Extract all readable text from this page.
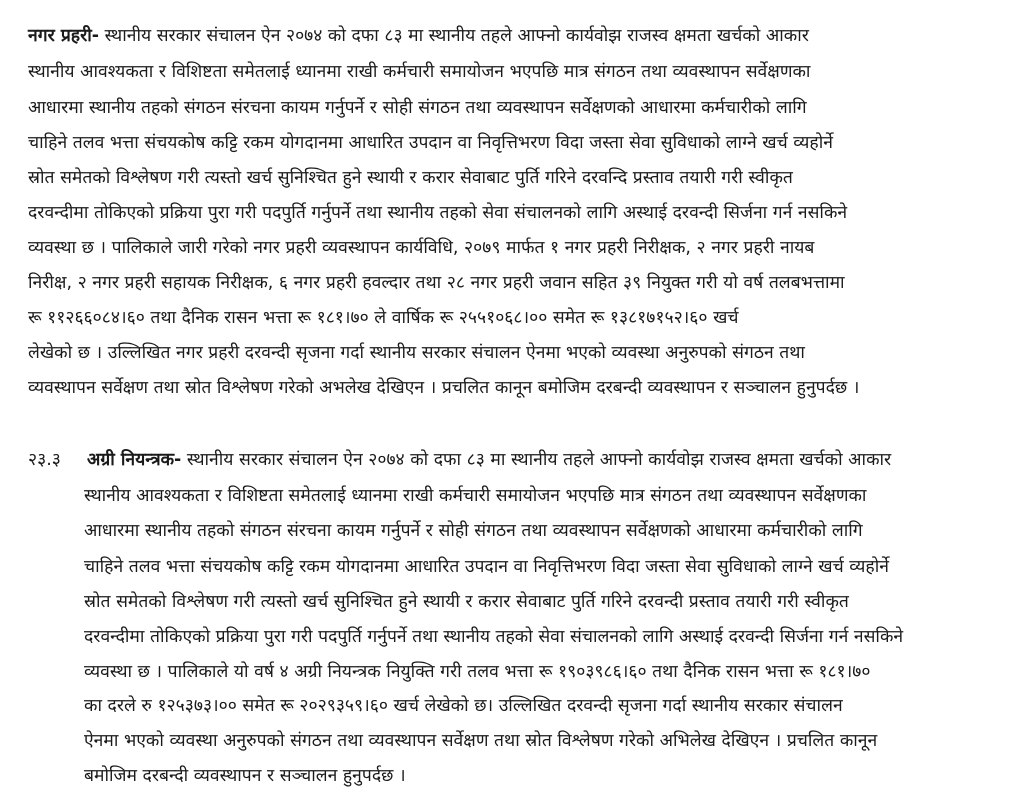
नगर प्रहरी- स्थानीय सरकार संचालन ऐन २०७४ को दफा ८३ मा स्थानीय तहले आफ्नो कार्यवोझ राजस्व क्षमता खर्चको आकार
स्थानीय आवश्यकता र विशिष्टता समेतलाई ध्यानमा राखी कर्मचारी समायोजन भएपछि मात्र संगठन तथा व्यवस्थापन सर्वेक्षणका
आधारमा स्थानीय तहको संगठन संरचना कायम गर्नुपर्ने र सोही संगठन तथा व्यवस्थापन सर्वेक्षणको आधारमा कर्मचारीको लागि
चाहिने तलव भत्ता संचयकोष कट्टि रकम योगदानमा आधारित उपदान वा निवृत्तिभरण विदा जस्ता सेवा सुविधाको लाग्ने खर्च व्यहोर्ने
स्रोत समेतको विश्लेषण गरी त्यस्तो खर्च सुनिश्चित हुने स्थायी र करार सेवाबाट पुर्ति गरिने दरवन्दि प्रस्ताव तयारी गरी स्वीकृत
दरवन्दीमा तोकिएको प्रक्रिया पुरा गरी पदपुर्ति गर्नुपर्ने तथा स्थानीय तहको सेवा संचालनको लागि अस्थाई दरवन्दी सिर्जना गर्न नसकिने
व्यवस्था छ । पालिकाले जारी गरेको नगर प्रहरी व्यवस्थापन कार्यविधि, २०७९ मार्फत १ नगर प्रहरी निरीक्षक, २ नगर प्रहरी नायब
निरीक्ष, २ नगर प्रहरी सहायक निरीक्षक, ६ नगर प्रहरी हवल्दार तथा २८ नगर प्रहरी जवान सहित ३९ नियुक्त गरी यो वर्ष तलबभत्तामा
रू ११२६६०८४।६० तथा दैनिक रासन भत्ता रू १८१।७० ले वार्षिक रू २५५१०६८।०० समेत रू १३८१७१५२।६० खर्च
लेखेको छ । उल्लिखित नगर प्रहरी दरवन्दी सृजना गर्दा स्थानीय सरकार संचालन ऐनमा भएको व्यवस्था अनुरुपको संगठन तथा
व्यवस्थापन सर्वेक्षण तथा स्रोत विश्लेषण गरेको अभलेख देखिएन । प्रचलित कानून बमोजिम दरबन्दी व्यवस्थापन र सञ्चालन हुनुपर्दछ ।
२३.३ अग्री नियन्त्रक- स्थानीय सरकार संचालन ऐन २०७४ को दफा ८३ मा स्थानीय तहले आफ्नो कार्यवोझ राजस्व क्षमता खर्चको आकार
स्थानीय आवश्यकता र विशिष्टता समेतलाई ध्यानमा राखी कर्मचारी समायोजन भएपछि मात्र संगठन तथा व्यवस्थापन सर्वेक्षणका
आधारमा स्थानीय तहको संगठन संरचना कायम गर्नुपर्ने र सोही संगठन तथा व्यवस्थापन सर्वेक्षणको आधारमा कर्मचारीको लागि
चाहिने तलव भत्ता संचयकोष कट्टि रकम योगदानमा आधारित उपदान वा निवृत्तिभरण विदा जस्ता सेवा सुविधाको लाग्ने खर्च व्यहोर्ने
स्रोत समेतको विश्लेषण गरी त्यस्तो खर्च सुनिश्चित हुने स्थायी र करार सेवाबाट पुर्ति गरिने दरवन्दी प्रस्ताव तयारी गरी स्वीकृत
दरवन्दीमा तोकिएको प्रक्रिया पुरा गरी पदपुर्ति गर्नुपर्ने तथा स्थानीय तहको सेवा संचालनको लागि अस्थाई दरवन्दी सिर्जना गर्न नसकिने
व्यवस्था छ । पालिकाले यो वर्ष ४ अग्री नियन्त्रक नियुक्ति गरी तलव भत्ता रू १९०३९८६।६० तथा दैनिक रासन भत्ता रू १८१।७०
का दरले रु १२५३७३।०० समेत रू २०२९३५९।६० खर्च लेखेको छ। उल्लिखित दरवन्दी सृजना गर्दा स्थानीय सरकार संचालन
ऐनमा भएको व्यवस्था अनुरुपको संगठन तथा व्यवस्थापन सर्वेक्षण तथा स्रोत विश्लेषण गरेको अभिलेख देखिएन । प्रचलित कानून
बमोजिम दरबन्दी व्यवस्थापन र सञ्चालन हुनुपर्दछ ।
